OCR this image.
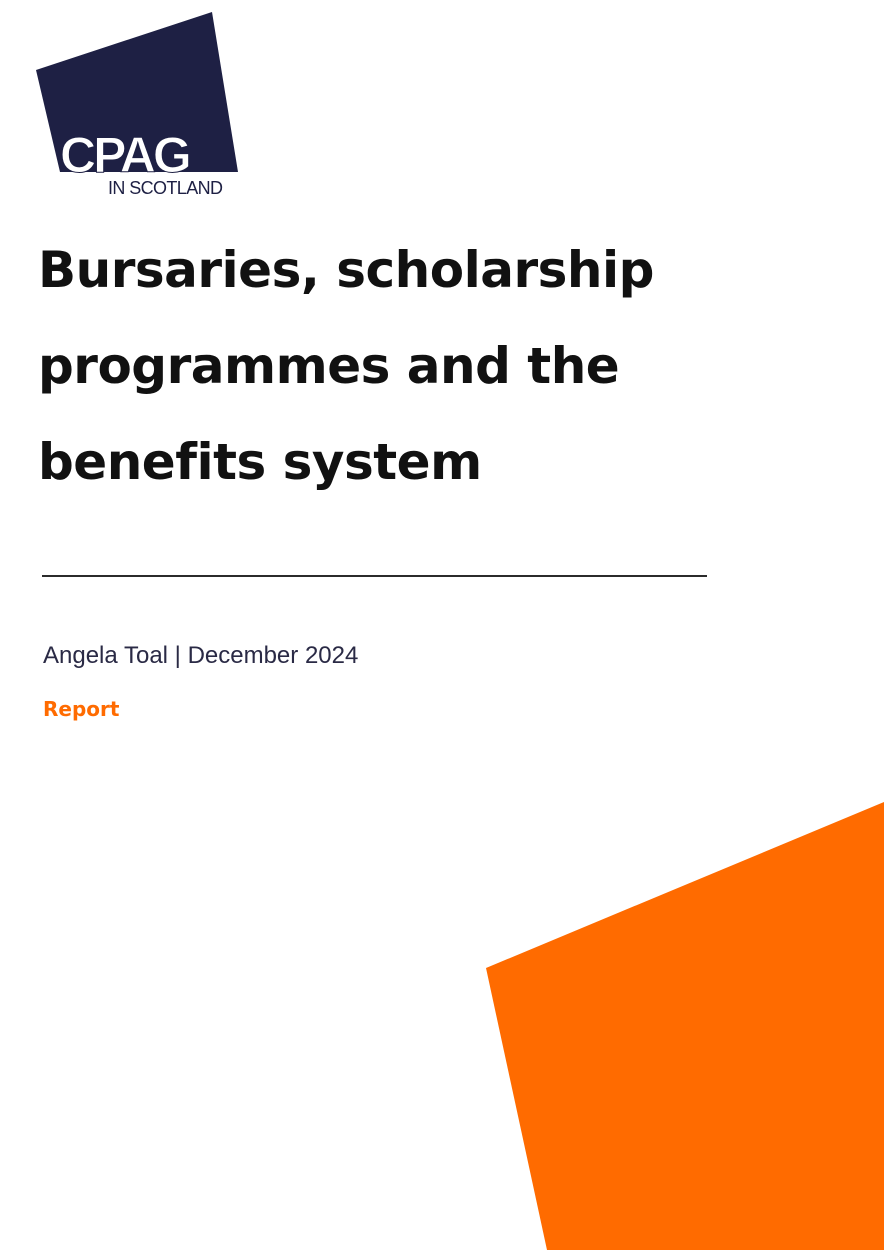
CPAG
IN SCOTLAND
Bursaries, scholarship
programmes and the
benefits system
Angela Toal | December 2024
Report
